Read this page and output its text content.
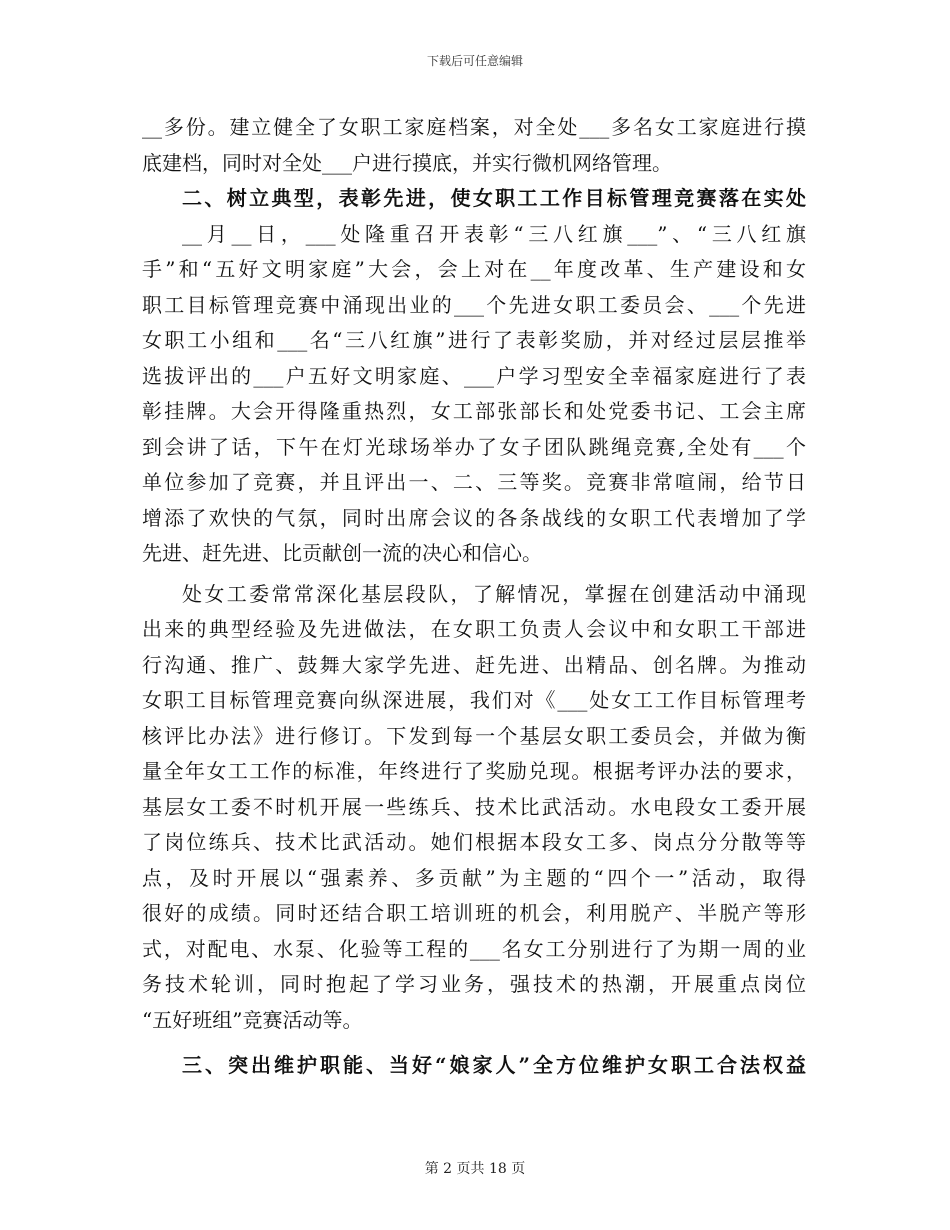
下载后可任意编辑
__多份。建立健全了女职工家庭档案，对全处___多名女工家庭进行摸
底建档，同时对全处___户进行摸底，并实行微机网络管理。
二、树立典型，表彰先进，使女职工工作目标管理竞赛落在实处
__月__日，___处隆重召开表彰“三八红旗___”、“三八红旗
手”和“五好文明家庭”大会，会上对在__年度改革、生产建设和女
职工目标管理竞赛中涌现出业的___个先进女职工委员会、___个先进
女职工小组和___名“三八红旗”进行了表彰奖励，并对经过层层推举
选拔评出的___户五好文明家庭、___户学习型安全幸福家庭进行了表
彰挂牌。大会开得隆重热烈，女工部张部长和处党委书记、工会主席
到会讲了话，下午在灯光球场举办了女子团队跳绳竞赛,全处有___个
单位参加了竞赛，并且评出一、二、三等奖。竞赛非常喧闹，给节日
增添了欢快的气氛，同时出席会议的各条战线的女职工代表增加了学
先进、赶先进、比贡献创一流的决心和信心。
处女工委常常深化基层段队，了解情况，掌握在创建活动中涌现
出来的典型经验及先进做法，在女职工负责人会议中和女职工干部进
行沟通、推广、鼓舞大家学先进、赶先进、出精品、创名牌。为推动
女职工目标管理竞赛向纵深进展，我们对《___处女工工作目标管理考
核评比办法》进行修订。下发到每一个基层女职工委员会，并做为衡
量全年女工工作的标准，年终进行了奖励兑现。根据考评办法的要求，
基层女工委不时机开展一些练兵、技术比武活动。水电段女工委开展
了岗位练兵、技术比武活动。她们根据本段女工多、岗点分分散等等
点，及时开展以“强素养、多贡献”为主题的“四个一”活动，取得
很好的成绩。同时还结合职工培训班的机会，利用脱产、半脱产等形
式，对配电、水泵、化验等工程的___名女工分别进行了为期一周的业
务技术轮训，同时抱起了学习业务，强技术的热潮，开展重点岗位
“五好班组”竞赛活动等。
三、突出维护职能、当好“娘家人”全方位维护女职工合法权益
第 2 页共 18 页
